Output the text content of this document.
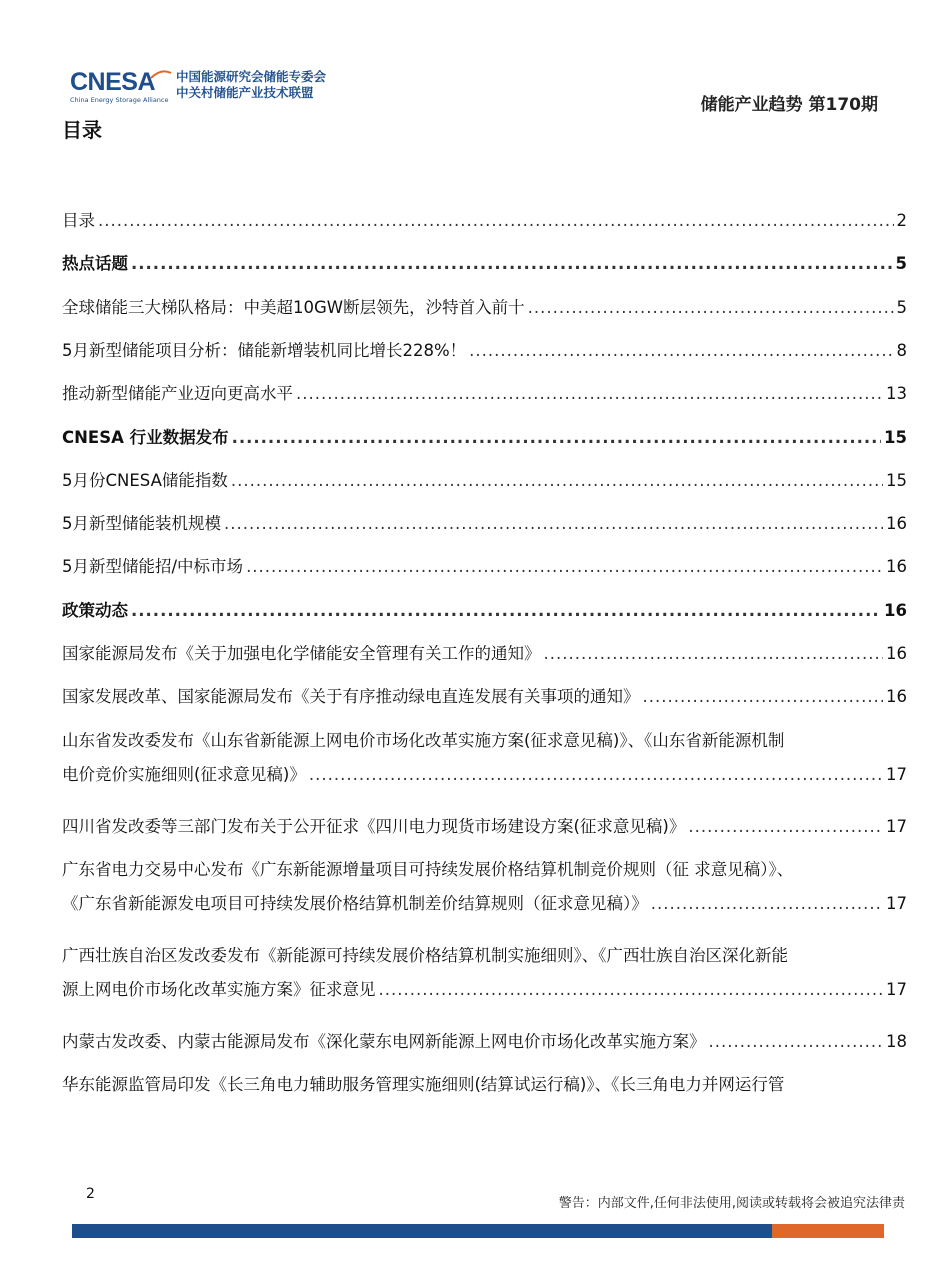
CNESA
China Energy Storage Alliance
中国能源研究会储能专委会
中关村储能产业技术联盟
储能产业趋势 第170期
目录
目录 .....	2
热点话题 .....	5
全球储能三大梯队格局：中美超10GW断层领先，沙特首入前十 .....	5
5月新型储能项目分析：储能新增装机同比增长228%！ .....	8
推动新型储能产业迈向更高水平 .....	13
CNESA 行业数据发布 .....	15
5月份CNESA储能指数 .....	15
5月新型储能装机规模 .....	16
5月新型储能招/中标市场 .....	16
政策动态 .....	16
国家能源局发布《关于加强电化学储能安全管理有关工作的通知》 .....	16
国家发展改革、国家能源局发布《关于有序推动绿电直连发展有关事项的通知》 .....	16
山东省发改委发布《山东省新能源上网电价市场化改革实施方案(征求意见稿)》、《山东省新能源机制
电价竞价实施细则(征求意见稿)》 .....	17
四川省发改委等三部门发布关于公开征求《四川电力现货市场建设方案(征求意见稿)》 .....	17
广东省电力交易中心发布《广东新能源增量项目可持续发展价格结算机制竞价规则（征 求意见稿）》、
《广东省新能源发电项目可持续发展价格结算机制差价结算规则（征求意见稿）》 .....	17
广西壮族自治区发改委发布《新能源可持续发展价格结算机制实施细则》、《广西壮族自治区深化新能
源上网电价市场化改革实施方案》征求意见 .....	17
内蒙古发改委、内蒙古能源局发布《深化蒙东电网新能源上网电价市场化改革实施方案》 .....	18
华东能源监管局印发《长三角电力辅助服务管理实施细则(结算试运行稿)》、《长三角电力并网运行管
2
警告：内部文件,任何非法使用,阅读或转载将会被追究法律责
